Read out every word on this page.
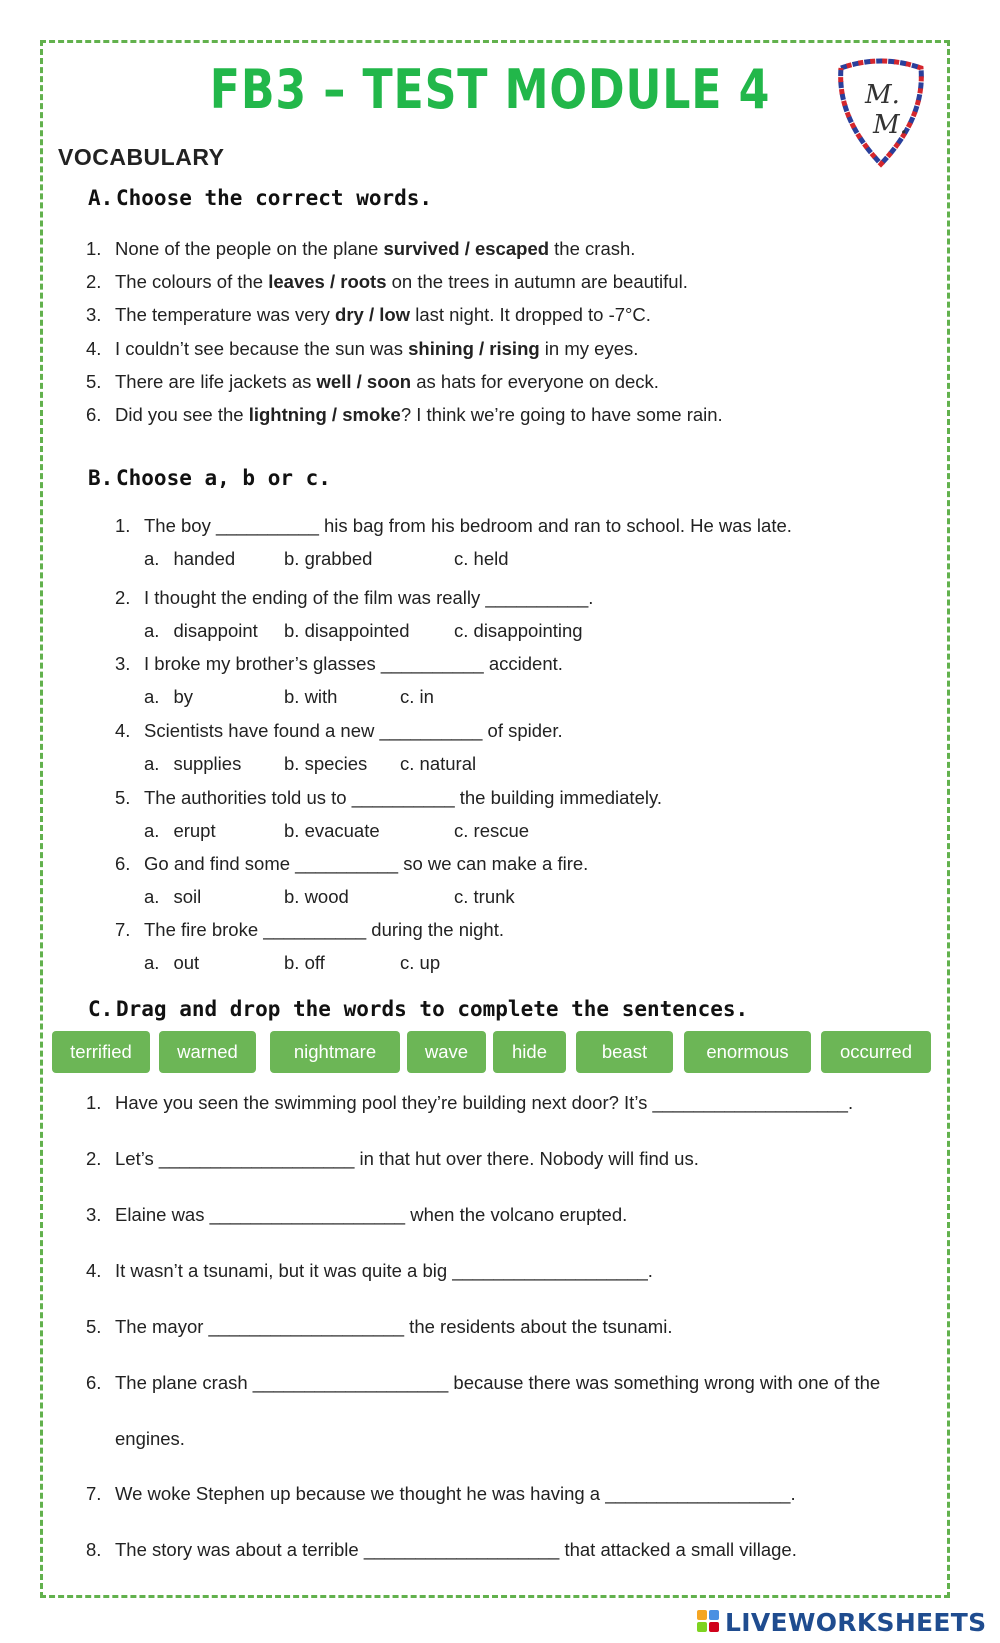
FB3 – TEST MODULE 4	M.
M.
VOCABULARY
A. Choose the correct words.
1. None of the people on the plane survived / escaped the crash.
2. The colours of the leaves / roots on the trees in autumn are beautiful.
3. The temperature was very dry / low last night. It dropped to -7°C.
4. I couldn’t see because the sun was shining / rising in my eyes.
5. There are life jackets as well / soon as hats for everyone on deck.
6. Did you see the lightning / smoke? I think we’re going to have some rain.
B. Choose a, b or c.
1. The boy __________ his bag from his bedroom and ran to school. He was late.
a. handed	b. grabbed	c. held
2. I thought the ending of the film was really __________.
a. disappoint b. disappointed c. disappointing
3. I broke my brother’s glasses __________ accident.
a. by	b. with	c. in
4. Scientists have found a new __________ of spider.
a. supplies b. species c. natural
5. The authorities told us to __________ the building immediately.
a. erupt	b. evacuate	c. rescue
6. Go and find some __________ so we can make a fire.
a. soil	b. wood	c. trunk
7. The fire broke __________ during the night.
a. out	b. off	c. up
C. Drag and drop the words to complete the sentences.
terrified	warned	nightmare	wave	hide	beast	enormous	occurred
1. Have you seen the swimming pool they’re building next door? It’s ___________________.
2. Let’s ___________________ in that hut over there. Nobody will find us.
3. Elaine was ___________________ when the volcano erupted.
4. It wasn’t a tsunami, but it was quite a big ___________________.
5. The mayor ___________________ the residents about the tsunami.
6. The plane crash ___________________ because there was something wrong with one of the
engines.
7. We woke Stephen up because we thought he was having a __________________.
8. The story was about a terrible ___________________ that attacked a small village.
LIVEWORKSHEETS
